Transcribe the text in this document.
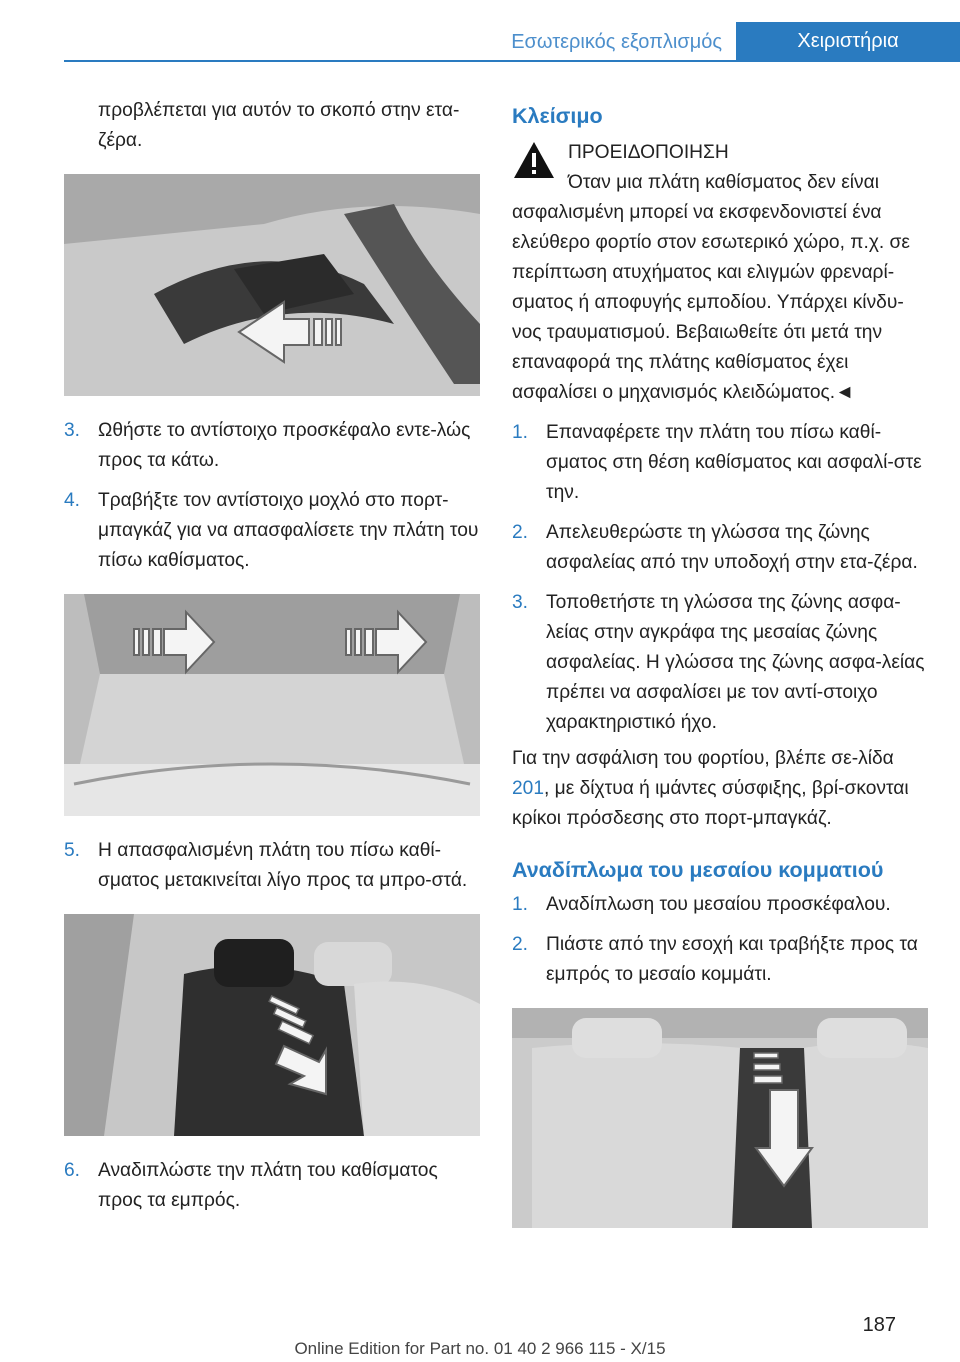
Εσωτερικός εξοπλισμός	Χειριστήρια

προβλέπεται για αυτόν το σκοπό στην ετα-ζέρα.

3. Ωθήστε το αντίστοιχο προσκέφαλο εντε-λώς προς τα κάτω.
4. Τραβήξτε τον αντίστοιχο μοχλό στο πορτ-μπαγκάζ για να απασφαλίσετε την πλάτη του πίσω καθίσματος.
5. Η απασφαλισμένη πλάτη του πίσω καθί-σματος μετακινείται λίγο προς τα μπρο-στά.
6. Αναδιπλώστε την πλάτη του καθίσματος προς τα εμπρός.
Κλείσιμο
ΠΡΟΕΙΔΟΠΟΙΗΣΗ
Όταν μια πλάτη καθίσματος δεν είναι

ασφαλισμένη μπορεί να εκσφενδονιστεί ένα ελεύθερο φορτίο στον εσωτερικό χώρο, π.χ. σε περίπτωση ατυχήματος και ελιγμών φρεναρί-σματος ή αποφυγής εμποδίου. Υπάρχει κίνδυ-νος τραυματισμού. Βεβαιωθείτε ότι μετά την επαναφορά της πλάτης καθίσματος έχει ασφαλίσει ο μηχανισμός κλειδώματος.◄

1. Επαναφέρετε την πλάτη του πίσω καθί-σματος στη θέση καθίσματος και ασφαλί-στε την.
2. Απελευθερώστε τη γλώσσα της ζώνης ασφαλείας από την υποδοχή στην ετα-ζέρα.
3. Τοποθετήστε τη γλώσσα της ζώνης ασφα-λείας στην αγκράφα της μεσαίας ζώνης ασφαλείας. Η γλώσσα της ζώνης ασφα-λείας πρέπει να ασφαλίσει με τον αντί-στοιχο χαρακτηριστικό ήχο.

Για την ασφάλιση του φορτίου, βλέπε σε-λίδα 201, με δίχτυα ή ιμάντες σύσφιξης, βρί-σκονται κρίκοι πρόσδεσης στο πορτ-μπαγκάζ.

Αναδίπλωμα του μεσαίου κομματιού
1. Αναδίπλωση του μεσαίου προσκέφαλου.
2. Πιάστε από την εσοχή και τραβήξτε προς τα εμπρός το μεσαίο κομμάτι.
187
Online Edition for Part no. 01 40 2 966 115 - X/15
